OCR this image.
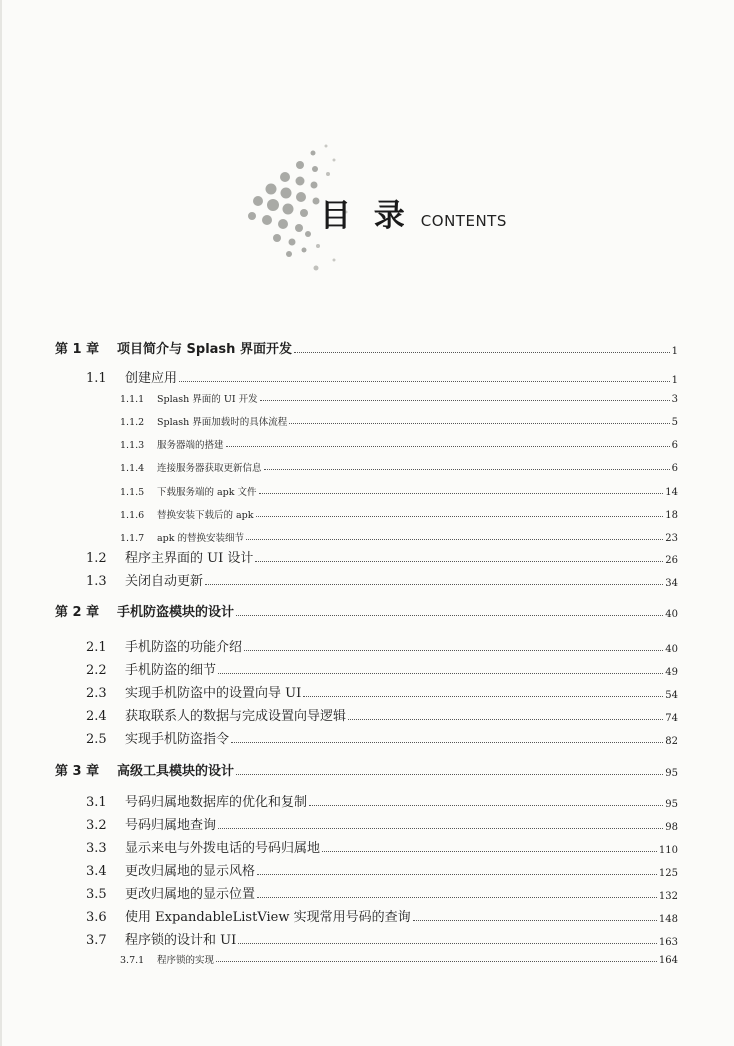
目 录 CONTENTS
第 1 章	项目简介与 Splash 界面开发	1
1.1	创建应用	1
1.1.1	Splash 界面的 UI 开发	3
1.1.2	Splash 界面加载时的具体流程	5
1.1.3	服务器端的搭建	6
1.1.4	连接服务器获取更新信息	6
1.1.5	下载服务端的 apk 文件	14
1.1.6	替换安装下载后的 apk	18
1.1.7	apk 的替换安装细节	23
1.2	程序主界面的 UI 设计	26
1.3	关闭自动更新	34
第 2 章	手机防盗模块的设计	40
2.1	手机防盗的功能介绍	40
2.2	手机防盗的细节	49
2.3	实现手机防盗中的设置向导 UI	54
2.4	获取联系人的数据与完成设置向导逻辑	74
2.5	实现手机防盗指令	82
第 3 章	高级工具模块的设计	95
3.1	号码归属地数据库的优化和复制	95
3.2	号码归属地查询	98
3.3	显示来电与外拨电话的号码归属地	110
3.4	更改归属地的显示风格	125
3.5	更改归属地的显示位置	132
3.6	使用 ExpandableListView 实现常用号码的查询	148
3.7	程序锁的设计和 UI	163
3.7.1	程序锁的实现	164
